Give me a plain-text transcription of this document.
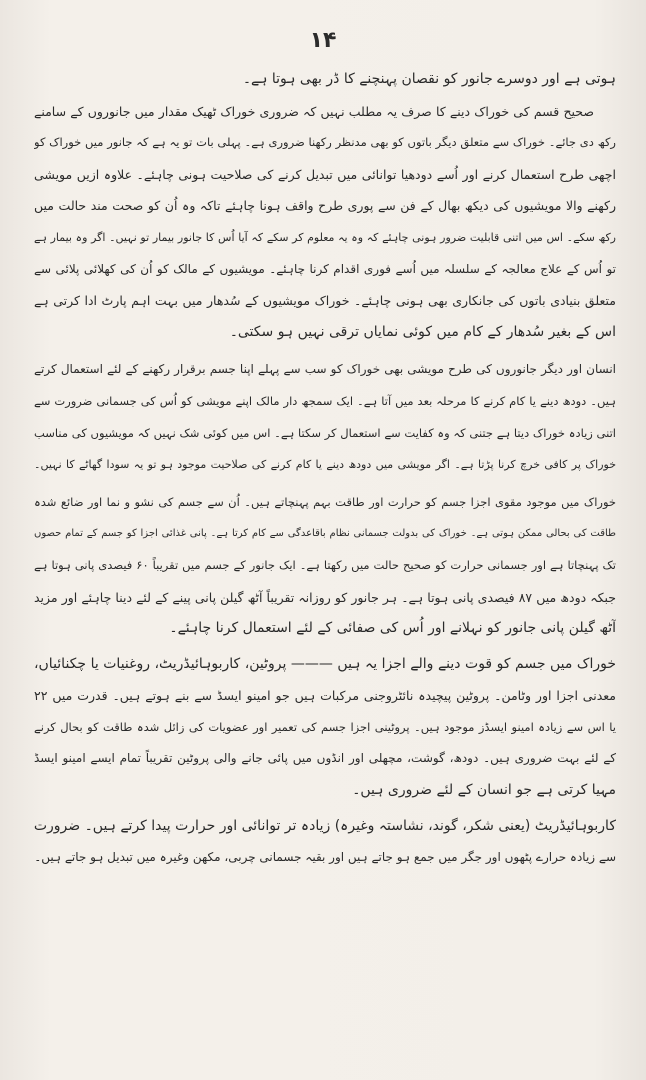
۱۴
ہوتی ہے اور دوسرے جانور کو نقصان پہنچنے کا ڈر بھی ہوتا ہے۔
صحیح قسم کی خوراک دینے کا صرف یہ مطلب نہیں کہ ضروری خوراک ٹھیک مقدار میں جانوروں کے سامنے
رکھ دی جائے۔ خوراک سے متعلق دیگر باتوں کو بھی مدنظر رکھنا ضروری ہے۔ پہلی بات تو یہ ہے کہ جانور میں خوراک کو
اچھی طرح استعمال کرنے اور اُسے دودھیا توانائی میں تبدیل کرنے کی صلاحیت ہونی چاہئے۔ علاوہ ازیں مویشی
رکھنے والا مویشیوں کی دیکھ بھال کے فن سے پوری طرح واقف ہونا چاہئے تاکہ وہ اُن کو صحت مند حالت میں
رکھ سکے۔ اس میں اتنی قابلیت ضرور ہونی چاہئے کہ وہ یہ معلوم کر سکے کہ آیا اُس کا جانور بیمار تو نہیں۔ اگر وہ بیمار ہے
تو اُس کے علاج معالجہ کے سلسلہ میں اُسے فوری اقدام کرنا چاہئے۔ مویشیوں کے مالک کو اُن کی کھلائی پلائی سے
متعلق بنیادی باتوں کی جانکاری بھی ہونی چاہئے۔ خوراک مویشیوں کے سُدھار میں بہت اہم پارٹ ادا کرتی ہے
اس کے بغیر سُدھار کے کام میں کوئی نمایاں ترقی نہیں ہو سکتی۔
انسان اور دیگر جانوروں کی طرح مویشی بھی خوراک کو سب سے پہلے اپنا جسم برقرار رکھنے کے لئے استعمال کرتے
ہیں۔ دودھ دینے یا کام کرنے کا مرحلہ بعد میں آتا ہے۔ ایک سمجھ دار مالک اپنے مویشی کو اُس کی جسمانی ضرورت سے
اتنی زیادہ خوراک دیتا ہے جتنی کہ وہ کفایت سے استعمال کر سکتا ہے۔ اس میں کوئی شک نہیں کہ مویشیوں کی مناسب
خوراک پر کافی خرچ کرنا پڑتا ہے۔ اگر مویشی میں دودھ دینے یا کام کرنے کی صلاحیت موجود ہو تو یہ سودا گھاٹے کا نہیں۔
خوراک میں موجود مقوی اجزا جسم کو حرارت اور طاقت بہم پہنچاتے ہیں۔ اُن سے جسم کی نشو و نما اور ضائع شدہ
طاقت کی بحالی ممکن ہوتی ہے۔ خوراک کی بدولت جسمانی نظام باقاعدگی سے کام کرتا ہے۔ پانی غذائی اجزا کو جسم کے تمام حصوں
تک پہنچاتا ہے اور جسمانی حرارت کو صحیح حالت میں رکھتا ہے۔ ایک جانور کے جسم میں تقریباً ۶۰ فیصدی پانی ہوتا ہے
جبکہ دودھ میں ۸۷ فیصدی پانی ہوتا ہے۔ ہر جانور کو روزانہ تقریباً آٹھ گیلن پانی پینے کے لئے دینا چاہئے اور مزید
آٹھ گیلن پانی جانور کو نہلانے اور اُس کی صفائی کے لئے استعمال کرنا چاہئے۔
خوراک میں جسم کو قوت دینے والے اجزا یہ ہیں ——— پروٹین، کاربوہائیڈریٹ، روغنیات یا چکنائیاں،
معدنی اجزا اور وٹامن۔ پروٹین پیچیدہ نائٹروجنی مرکبات ہیں جو امینو ایسڈ سے بنے ہوتے ہیں۔ قدرت میں ۲۲
یا اس سے زیادہ امینو ایسڈز موجود ہیں۔ پروٹینی اجزا جسم کی تعمیر اور عضویات کی زائل شدہ طاقت کو بحال کرنے
کے لئے بہت ضروری ہیں۔ دودھ، گوشت، مچھلی اور انڈوں میں پائی جانے والی پروٹین تقریباً تمام ایسے امینو ایسڈ
مہیا کرتی ہے جو انسان کے لئے ضروری ہیں۔
کاربوہائیڈریٹ (یعنی شکر، گوند، نشاستہ وغیرہ) زیادہ تر توانائی اور حرارت پیدا کرتے ہیں۔ ضرورت
سے زیادہ حرارے پٹھوں اور جگر میں جمع ہو جاتے ہیں اور بقیہ جسمانی چربی، مکھن وغیرہ میں تبدیل ہو جاتے ہیں۔
